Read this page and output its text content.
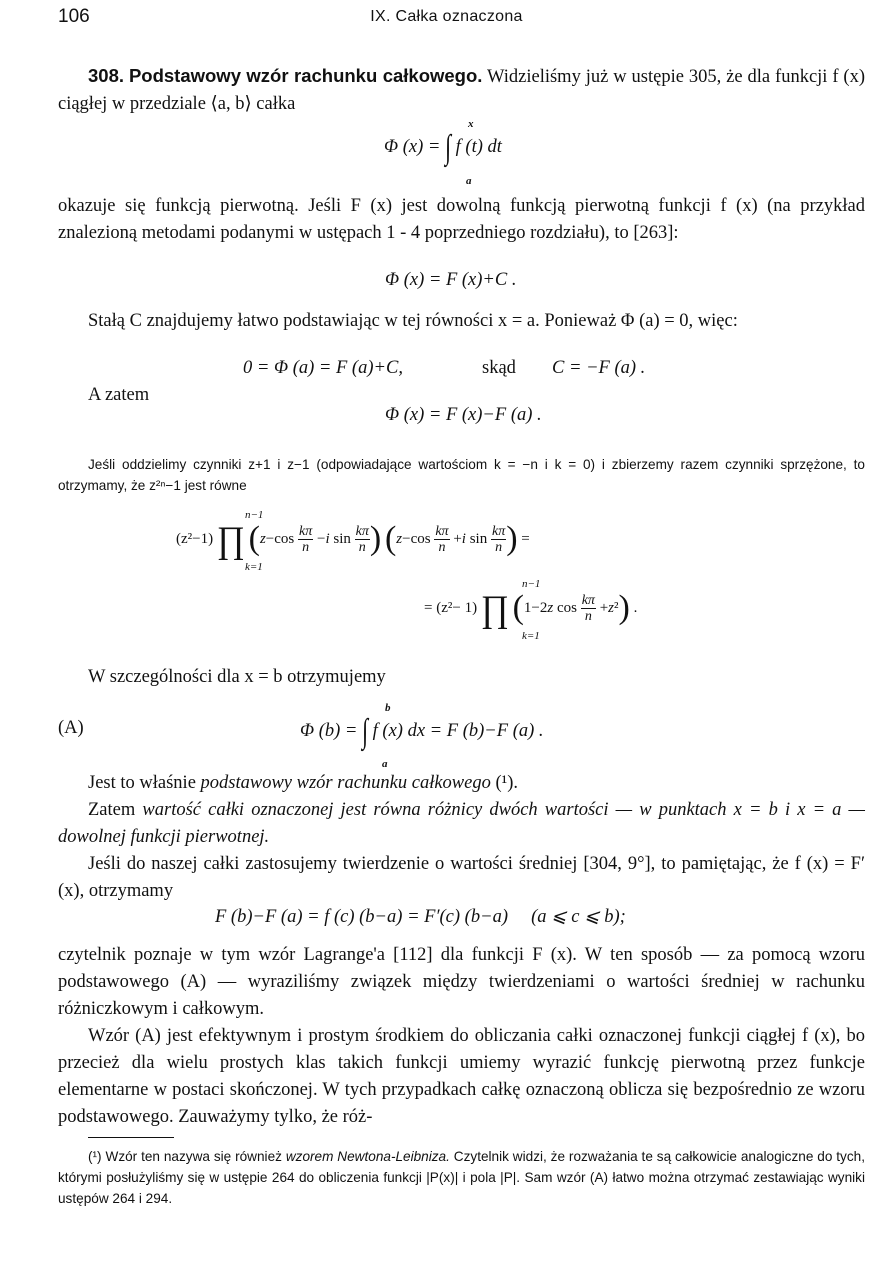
106	IX. Całka oznaczona

308. Podstawowy wzór rachunku całkowego. Widzieliśmy już w ustępie 305, że dla funkcji f (x) ciągłej w przedziale ⟨a, b⟩ całka

Φ (x) = ∫ f (t) dt
x
a

okazuje się funkcją pierwotną. Jeśli F (x) jest dowolną funkcją pierwotną funkcji f (x) (na przykład znalezioną metodami podanymi w ustępach 1 - 4 poprzedniego rozdziału), to [263]:

Φ (x) = F (x)+C .

Stałą C znajdujemy łatwo podstawiając w tej równości x = a. Ponieważ Φ (a) = 0, więc:

0 = Φ (a) = F (a)+C,	skąd C = −F (a) .
A zatem
Φ (x) = F (x)−F (a) .

Jeśli oddzielimy czynniki z+1 i z−1 (odpowiadające wartościom k = −n i k = 0) i zbierzemy razem czynniki sprzężone, to otrzymamy, że z²ⁿ−1 jest równe

n−1
k=1
(z²−1) ∏ ($z-\cos \frac{k\pi}{n} -i$ $\sin \frac{k\pi}{n}$ ) ($z-\cos \frac{k\pi}{n} +i$ $\sin \frac{k\pi}{n}$ ) =
n−1
k=1
= (z²− 1) ∏ (1−2z $\cos \frac{k\pi}{n} +z^2$) .

W szczególności dla x = b otrzymujemy

(A)	Φ (b) = ∫ f (x) dx = F (b)−F (a) .
b
a

Jest to właśnie podstawowy wzór rachunku całkowego (¹).

Zatem wartość całki oznaczonej jest równa różnicy dwóch wartości — w punktach x = b i x = a — dowolnej funkcji pierwotnej.

Jeśli do naszej całki zastosujemy twierdzenie o wartości średniej [304, 9°], to pamiętając, że f (x) = F′(x), otrzymamy

F (b)−F (a) = f (c) (b−a) = F′(c) (b−a)     (a ⩽ c ⩽ b);

czytelnik poznaje w tym wzór Lagrange'a [112] dla funkcji F (x). W ten sposób — za pomocą wzoru podstawowego (A) — wyraziliśmy związek między twierdzeniami o wartości średniej w rachunku różniczkowym i całkowym.

Wzór (A) jest efektywnym i prostym środkiem do obliczania całki oznaczonej funkcji ciągłej f (x), bo przecież dla wielu prostych klas takich funkcji umiemy wyrazić funkcję pierwotną przez funkcje elementarne w postaci skończonej. W tych przypadkach całkę oznaczoną oblicza się bezpośrednio ze wzoru podstawowego. Zauważymy tylko, że róż-

(¹) Wzór ten nazywa się również wzorem Newtona-Leibniza. Czytelnik widzi, że rozważania te są całkowicie analogiczne do tych, którymi posłużyliśmy się w ustępie 264 do obliczenia funkcji |P(x)| i pola |P|. Sam wzór (A) łatwo można otrzymać zestawiając wyniki ustępów 264 i 294.
